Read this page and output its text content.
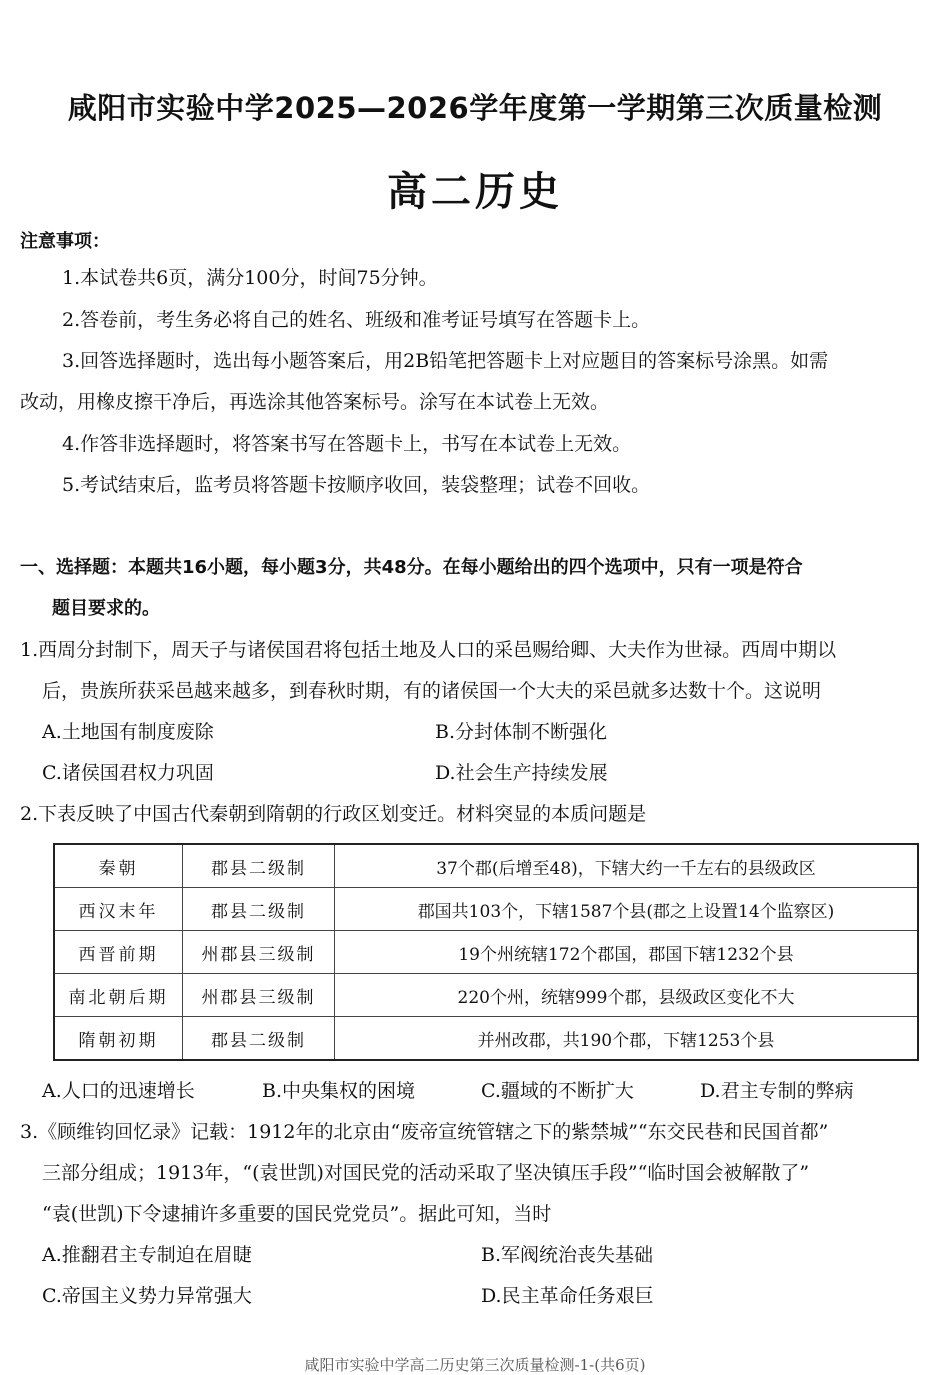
咸阳市实验中学2025—2026学年度第一学期第三次质量检测
高二历史
注意事项：
1.本试卷共6页，满分100分，时间75分钟。
2.答卷前，考生务必将自己的姓名、班级和准考证号填写在答题卡上。
3.回答选择题时，选出每小题答案后，用2B铅笔把答题卡上对应题目的答案标号涂黑。如需
改动，用橡皮擦干净后，再选涂其他答案标号。涂写在本试卷上无效。
4.作答非选择题时，将答案书写在答题卡上，书写在本试卷上无效。
5.考试结束后，监考员将答题卡按顺序收回，装袋整理；试卷不回收。
一、选择题：本题共16小题，每小题3分，共48分。在每小题给出的四个选项中，只有一项是符合
题目要求的。
1.西周分封制下，周天子与诸侯国君将包括土地及人口的采邑赐给卿、大夫作为世禄。西周中期以
后，贵族所获采邑越来越多，到春秋时期，有的诸侯国一个大夫的采邑就多达数十个。这说明
A.土地国有制度废除	B.分封体制不断强化
C.诸侯国君权力巩固	D.社会生产持续发展
2.下表反映了中国古代秦朝到隋朝的行政区划变迁。材料突显的本质问题是
秦朝	郡县二级制	37个郡(后增至48)，下辖大约一千左右的县级政区
西汉末年	郡县二级制	郡国共103个，下辖1587个县(郡之上设置14个监察区)
西晋前期	州郡县三级制	19个州统辖172个郡国，郡国下辖1232个县
南北朝后期	州郡县三级制	220个州，统辖999个郡，县级政区变化不大
隋朝初期	郡县二级制	并州改郡，共190个郡，下辖1253个县
A.人口的迅速增长	B.中央集权的困境	C.疆域的不断扩大	D.君主专制的弊病
3.《顾维钧回忆录》记载：1912年的北京由“废帝宣统管辖之下的紫禁城”“东交民巷和民国首都”
三部分组成；1913年，“(袁世凯)对国民党的活动采取了坚决镇压手段”“临时国会被解散了”
“袁(世凯)下令逮捕许多重要的国民党党员”。据此可知，当时
A.推翻君主专制迫在眉睫	B.军阀统治丧失基础
C.帝国主义势力异常强大	D.民主革命任务艰巨
咸阳市实验中学高二历史第三次质量检测-1-(共6页)
